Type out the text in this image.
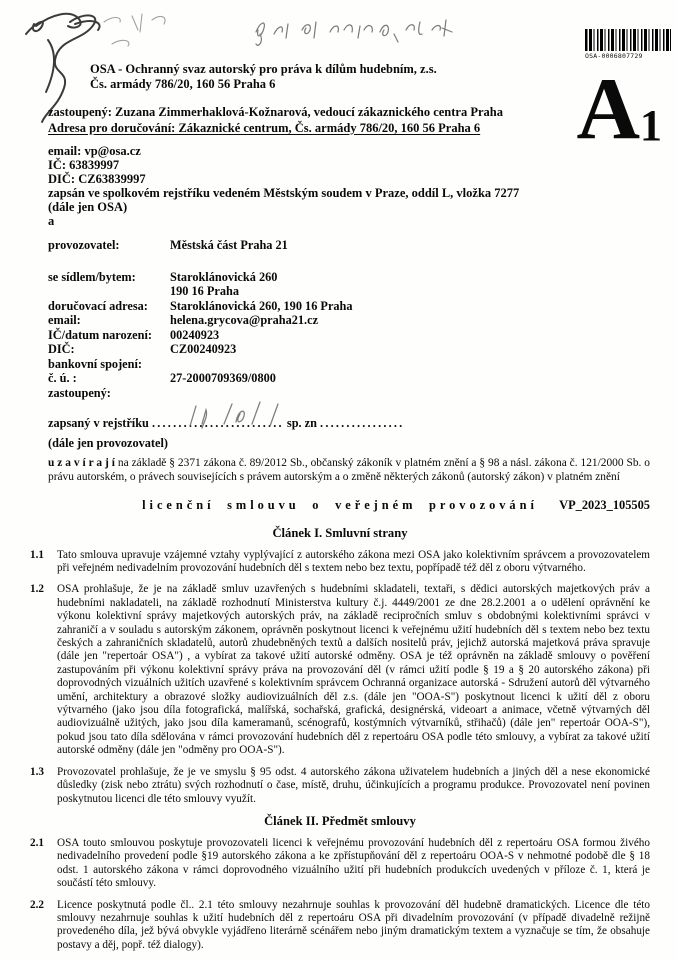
OSA-0006807729
A 1
OSA - Ochranný svaz autorský pro práva k dílům hudebním, z.s.
Čs. armády 786/20, 160 56 Praha 6
zastoupený: Zuzana Zimmerhaklová-Kožnarová, vedoucí zákaznického centra Praha
Adresa pro doručování: Zákaznické centrum, Čs. armády 786/20, 160 56 Praha 6
email: vp@osa.cz
IČ: 63839997
DIČ: CZ63839997
zapsán ve spolkovém rejstříku vedeném Městským soudem v Praze, oddíl L, vložka 7277
(dále jen OSA)
a
provozovatel:	Městská část Praha 21
se sídlem/bytem:	Staroklánovická 260
190 16 Praha
doručovací adresa:	Staroklánovická 260, 190 16 Praha
email:	helena.grycova@praha21.cz
IČ/datum narození:	00240923
DIČ:	CZ00240923
bankovní spojení:
č. ú. :	27-2000709369/0800
zastoupený:
zapsaný v rejstříku ......................... sp. zn ................
(dále jen provozovatel)
u z a v í r a j í na základě § 2371 zákona č. 89/2012 Sb., občanský zákoník v platném znění a § 98 a násl. zákona č. 121/2000 Sb. o právu autorském, o právech souvisejících s právem autorským a o změně některých zákonů (autorský zákon) v platném znění
licenční smlouvu o veřejném provozování VP_2023_105505
Článek I. Smluvní strany
1.1	Tato smlouva upravuje vzájemné vztahy vyplývající z autorského zákona mezi OSA jako kolektivním správcem a provozovatelem při veřejném nedivadelním provozování hudebních děl s textem nebo bez textu, popřípadě též děl z oboru výtvarného.
1.2	OSA prohlašuje, že je na základě smluv uzavřených s hudebními skladateli, textaři, s dědici autorských majetkových práv a hudebními nakladateli, na základě rozhodnutí Ministerstva kultury č.j. 4449/2001 ze dne 28.2.2001 a o udělení oprávnění ke výkonu kolektivní správy majetkových autorských práv, na základě recipročních smluv s obdobnými kolektivními správci v zahraničí a v souladu s autorským zákonem, oprávněn poskytnout licenci k veřejnému užití hudebních děl s textem nebo bez textu českých a zahraničních skladatelů, autorů zhudebněných textů a dalších nositelů práv, jejichž autorská majetková práva spravuje (dále jen "repertoár OSA") , a vybírat za takové užití autorské odměny. OSA je též oprávněn na základě smlouvy o pověření zastupováním při výkonu kolektivní správy práva na provozování děl (v rámci užití podle § 19 a § 20 autorského zákona) při doprovodných vizuálních užitích uzavřené s kolektivním správcem Ochranná organizace autorská - Sdružení autorů děl výtvarného umění, architektury a obrazové složky audiovizuálních děl z.s. (dále jen "OOA-S") poskytnout licenci k užití děl z oboru výtvarného (jako jsou díla fotografická, malířská, sochařská, grafická, designérská, videoart a animace, včetně výtvarných děl audiovizuálně užitých, jako jsou díla kameramanů, scénografů, kostýmních výtvarníků, střihačů) (dále jen" repertoár OOA-S"), pokud jsou tato díla sdělována v rámci provozování hudebních děl z repertoáru OSA podle této smlouvy, a vybírat za takové užití autorské odměny (dále jen "odměny pro OOA-S").
1.3	Provozovatel prohlašuje, že je ve smyslu § 95 odst. 4 autorského zákona uživatelem hudebních a jiných děl a nese ekonomické důsledky (zisk nebo ztrátu) svých rozhodnutí o čase, místě, druhu, účinkujících a programu produkce. Provozovatel není povinen poskytnutou licenci dle této smlouvy využít.
Článek II. Předmět smlouvy
2.1	OSA touto smlouvou poskytuje provozovateli licenci k veřejnému provozování hudebních děl z repertoáru OSA formou živého nedivadelního provedení podle §19 autorského zákona a ke zpřístupňování děl z repertoáru OOA-S v nehmotné podobě dle § 18 odst. 1 autorského zákona v rámci doprovodného vizuálního užití při hudebních produkcích uvedených v příloze č. 1, která je součástí této smlouvy.
2.2	Licence poskytnutá podle čl.. 2.1 této smlouvy nezahrnuje souhlas k provozování děl hudebně dramatických. Licence dle této smlouvy nezahrnuje souhlas k užití hudebních děl z repertoáru OSA při divadelním provozování (v případě divadelně režijně provedeného díla, jež bývá obvykle vyjádřeno literárně scénářem nebo jiným dramatickým textem a vyznačuje se tím, že obsahuje postavy a děj, popř. též dialogy).
